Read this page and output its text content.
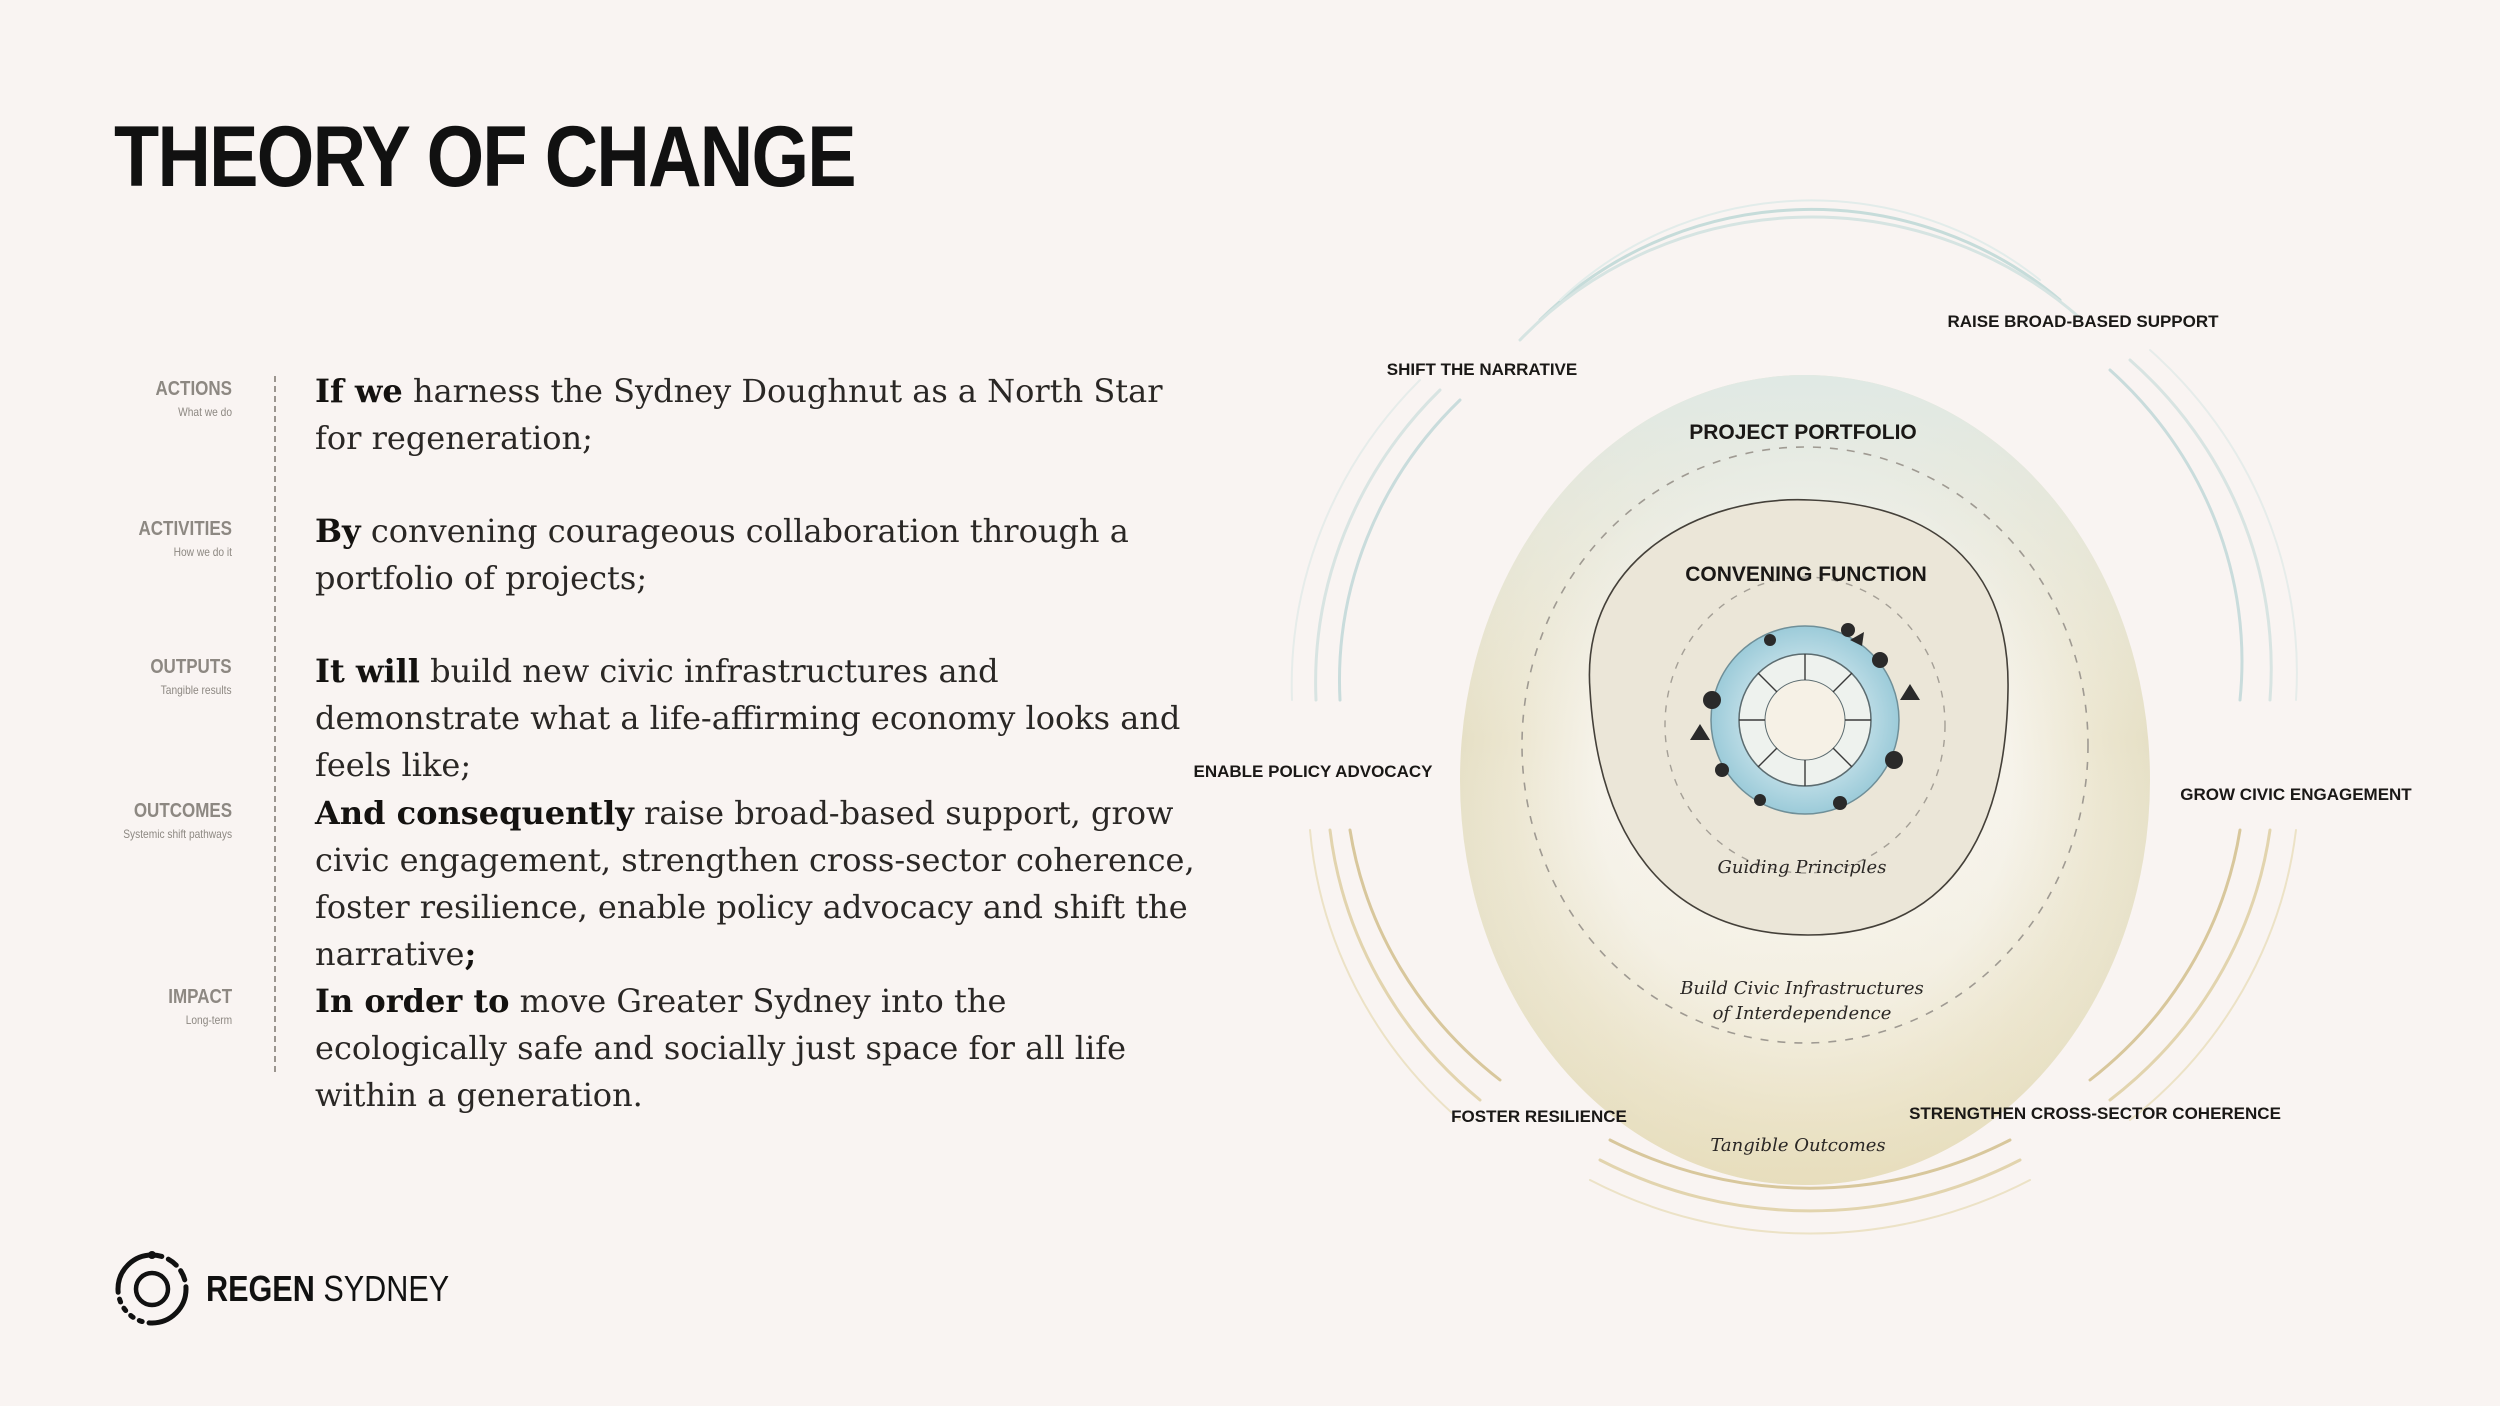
THEORY OF CHANGE
ACTIONS
What we do
If we harness the Sydney Doughnut as a North Star for regeneration;
ACTIVITIES
How we do it
By convening courageous collaboration through a portfolio of projects;
OUTPUTS
Tangible results	It will build new civic infrastructures and demonstrate what a life-affirming economy looks and feels like;
OUTCOMES
Systemic shift pathways
And consequently raise broad-based support, grow civic engagement, strengthen cross-sector coherence, foster resilience, enable policy advocacy and shift the narrative;
IMPACT
Long-term	In order to move Greater Sydney into the ecologically safe and socially just space for all life within a generation.
PROJECT PORTFOLIO
CONVENING FUNCTION
Guiding Principles
Build Civic Infrastructures
of Interdependence
Tangible Outcomes
SHIFT THE NARRATIVE
RAISE BROAD-BASED SUPPORT
GROW CIVIC ENGAGEMENT
STRENGTHEN CROSS-SECTOR COHERENCE
FOSTER RESILIENCE
ENABLE POLICY ADVOCACY
REGEN SYDNEY
